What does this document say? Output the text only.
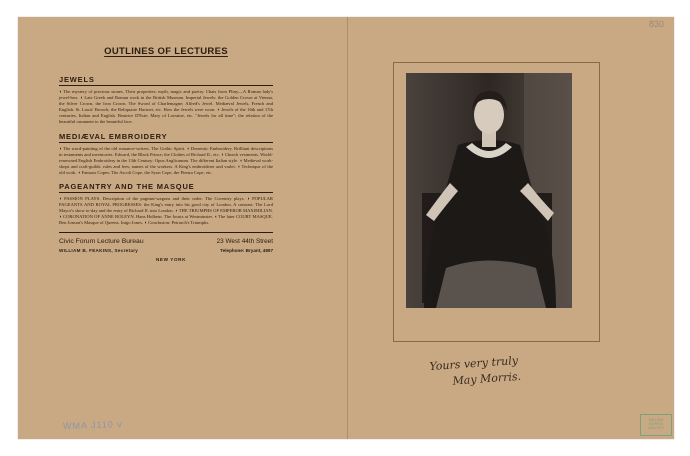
830
OUTLINES OF LECTURES
JEWELS

◖ The mystery of precious stones. Their properties: myth, magic and poetry. Chats from Pliny—A Roman lady's jewel-box. ◖ Late Greek and Roman work in the British Museum. Imperial Jewels: the Golden Crown at Vienna, the Silver Crown, the Iron Crown. The Sword of Charlemagne; Alfred's Jewel. Mediæval Jewels, French and English. St. Louis' Brooch; the Reliquaire Hacinet, etc. How the Jewels were worn. ◖ Jewels of the 16th and 17th centuries, Italian and English. Beatrice D'Este; Mary of Lorraine, etc. "Jewels for all time"; the relation of the beautiful ornament to the beautiful face.

MEDIÆVAL EMBROIDERY

◖ The word-painting of the old romance-writers. The Gothic Spirit. ◖ Domestic Embroidery. Brilliant descriptions in testaments and inventories. Edward, the Black Prince; the Clothes of Richard II., etc. ◖ Church vestments. World-renowned English Embroidery in the 13th Century: Opus Anglicanum. The different Italian style. ◖ Medieval work-shops and craft-guilds: rules and fees; names of the workers. A King's embroiderer and varlet. ◖ Technique of the old work. ◖ Famous Copes: The Ascoli Cope, the Syon Cope, the Pienza Cope, etc.

PAGEANTRY AND THE MASQUE

◖ PASSION PLAYS. Description of the pageant-wagons and their order. The Coventry plays. ◖ POPULAR PAGEANTS AND ROYAL PROGRESSES: the King's entry into his good city of London. A contrast: The Lord Mayor's show to-day and the entry of Richard II. into London. ◖ THE TRIUMPHS OF EMPEROR MAXIMILIAN. ◖ CORONATION OF ANNE BOLEYN. Hans Holbein. The Jousts at Westminster. ◖ The later COURT MASQUE. Ben Jonson's Masque of Queens. Inigo Jones. ◖ Conclusion: Petrarch's Triumphs.

Civic Forum Lecture Bureau
WILLIAM B. FEAKINS, Secretary
NEW YORK
23 West 44th Street
Telephone: Bryant, 4897
Yours very truly
May Morris.
WMA J110 v	WILLIAM MORRIS GALLERY
